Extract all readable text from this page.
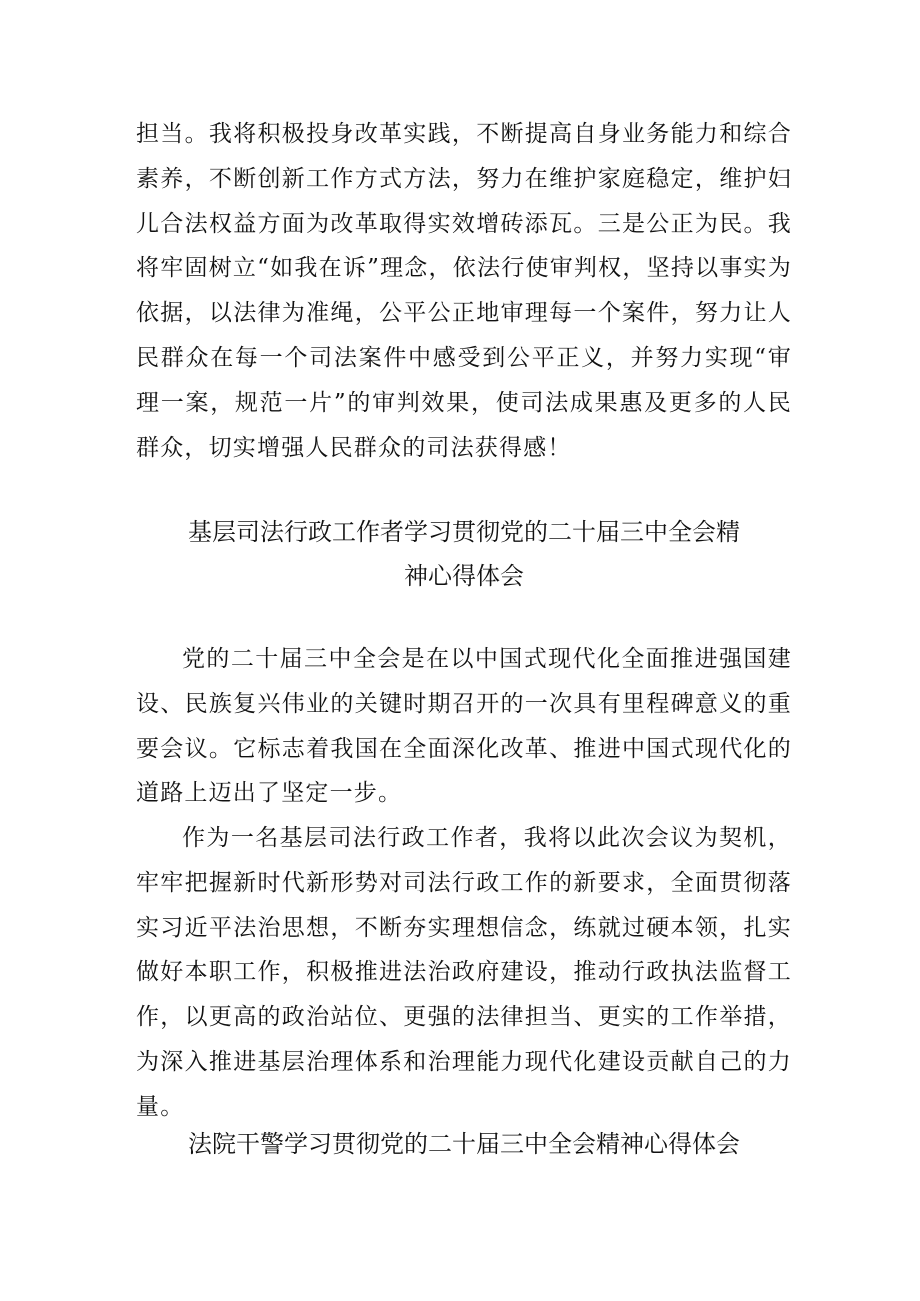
担当。我将积极投身改革实践，不断提高自身业务能力和综合素养，不断创新工作方式方法，努力在维护家庭稳定，维护妇儿合法权益方面为改革取得实效增砖添瓦。三是公正为民。我将牢固树立“如我在诉”理念，依法行使审判权，坚持以事实为依据，以法律为准绳，公平公正地审理每一个案件，努力让人民群众在每一个司法案件中感受到公平正义，并努力实现“审理一案，规范一片”的审判效果，使司法成果惠及更多的人民群众，切实增强人民群众的司法获得感！

基层司法行政工作者学习贯彻党的二十届三中全会精
神心得体会

党的二十届三中全会是在以中国式现代化全面推进强国建设、民族复兴伟业的关键时期召开的一次具有里程碑意义的重要会议。它标志着我国在全面深化改革、推进中国式现代化的道路上迈出了坚定一步。

作为一名基层司法行政工作者，我将以此次会议为契机，牢牢把握新时代新形势对司法行政工作的新要求，全面贯彻落实习近平法治思想，不断夯实理想信念，练就过硬本领，扎实做好本职工作，积极推进法治政府建设，推动行政执法监督工作，以更高的政治站位、更强的法律担当、更实的工作举措，为深入推进基层治理体系和治理能力现代化建设贡献自己的力量。

法院干警学习贯彻党的二十届三中全会精神心得体会
